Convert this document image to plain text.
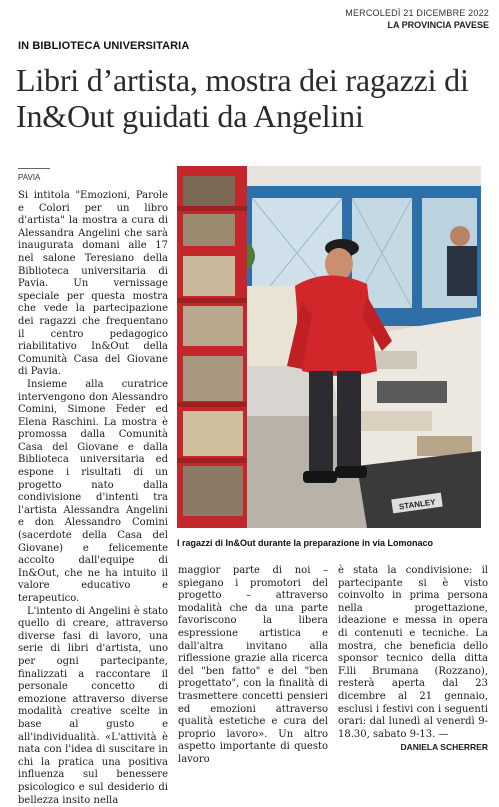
MERCOLEDÌ 21 DICEMBRE 2022
LA PROVINCIA PAVESE
IN BIBLIOTECA UNIVERSITARIA
Libri d’artista, mostra dei ragazzi di In&Out guidati da Angelini
PAVIA

Si intitola "Emozioni, Parole e Colori per un libro d'artista" la mostra a cura di Alessandra Angelini che sarà inaugurata domani alle 17 nel salone Teresiano della Biblioteca universitaria di Pavia. Un vernissage speciale per questa mostra che vede la partecipazione dei ragazzi che frequentano il centro pedagogico riabilitativo In&Out della Comunità Casa del Giovane di Pavia.

Insieme alla curatrice intervengono don Alessandro Comini, Simone Feder ed Elena Raschini. La mostra è promossa dalla Comunità Casa del Giovane e dalla Biblioteca universitaria ed espone i risultati di un progetto nato dalla condivisione d'intenti tra l'artista Alessandra Angelini e don Alessandro Comini (sacerdote della Casa del Giovane) e felicemente accolto dall'equipe di In&Out, che ne ha intuito il valore educativo e terapeutico.

L'intento di Angelini è stato quello di creare, attraverso diverse fasi di lavoro, una serie di libri d'artista, uno per ogni partecipante, finalizzati a raccontare il personale concetto di emozione attraverso diverse modalità creative scelte in base al gusto e all'individualità. «L'attività è nata con l'idea di suscitare in chi la pratica una positiva influenza sul benessere psicologico e sul desiderio di bellezza insito nella

STANLEY
I ragazzi di In&Out durante la preparazione in via Lomonaco

maggior parte di noi –spiegano i promotori del progetto – attraverso modalità che da una parte favoriscono la libera espressione artistica e dall'altra invitano alla riflessione grazie alla ricerca del "ben fatto" e del "ben progettato", con la finalità di trasmettere concetti pensieri ed emozioni attraverso qualità estetiche e cura del proprio lavoro». Un altro aspetto importante di questo lavoro

è stata la condivisione: il partecipante si è visto coinvolto in prima persona nella progettazione, ideazione e messa in opera di contenuti e tecniche. La mostra, che beneficia dello sponsor tecnico della ditta F.lli Brumana (Rozzano), resterà aperta dal 23 dicembre al 21 gennaio, esclusi i festivi con i seguenti orari: dal lunedì al venerdì 9-18.30, sabato 9-13. —

DANIELA SCHERRER
